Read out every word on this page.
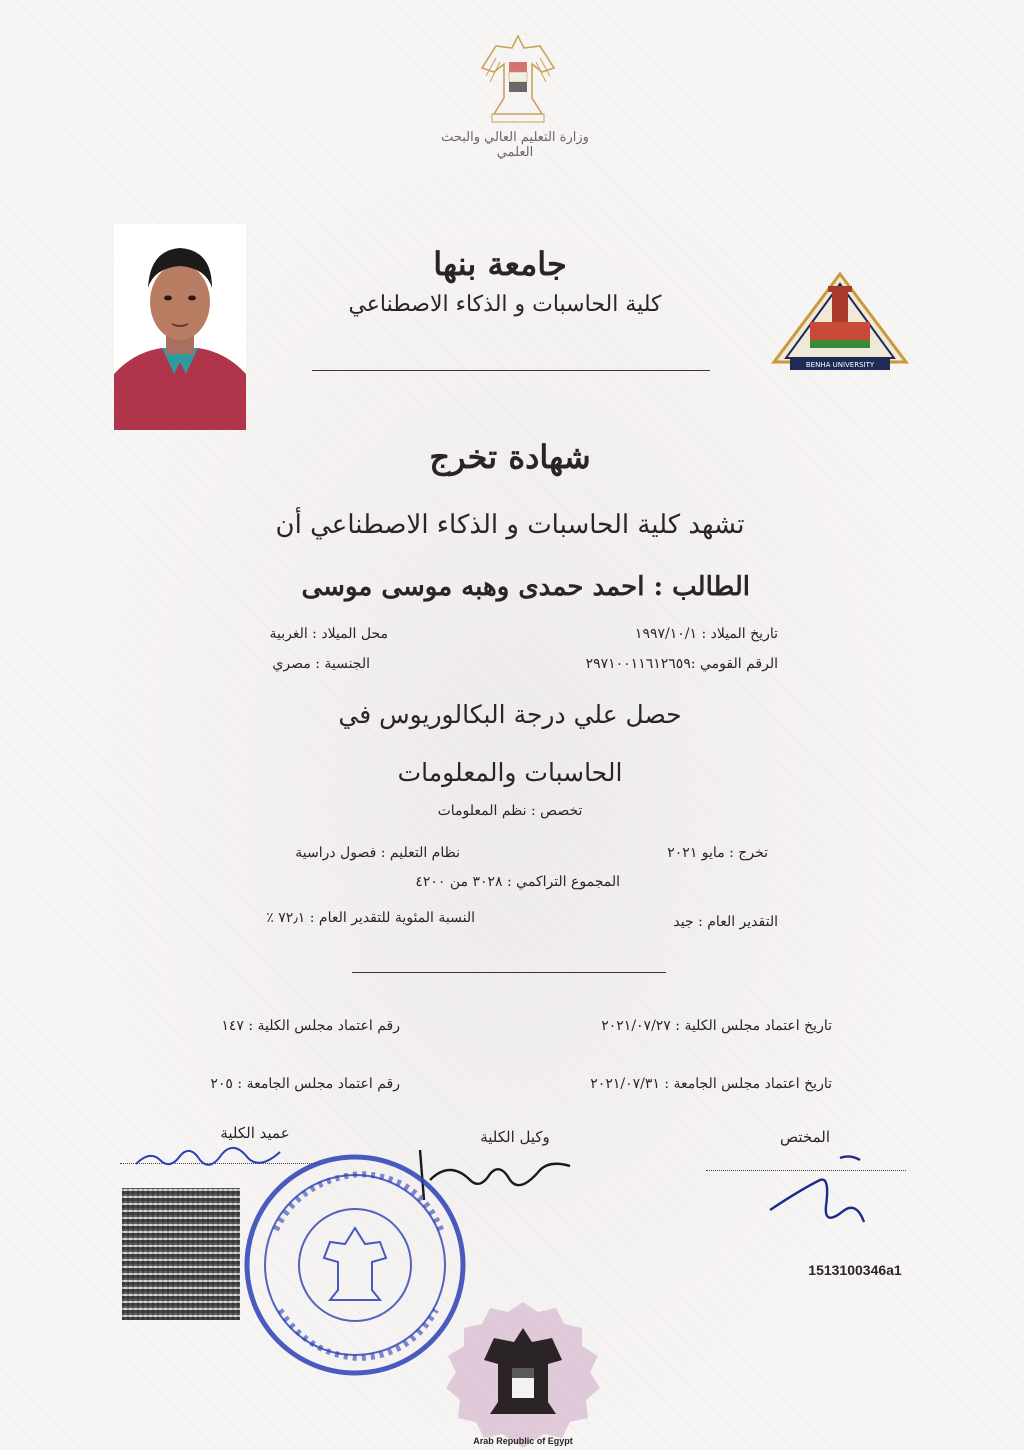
وزارة التعليم العالي والبحث العلمي
جامعة بنها
كلية الحاسبات و الذكاء الاصطناعي
BENHA UNIVERSITY
شهادة تخرج
تشهد كلية الحاسبات و الذكاء الاصطناعي أن
الطالب : احمد حمدى وهبه موسى موسى
تاريخ الميلاد : ١٩٩٧/١٠/١
محل الميلاد : الغربية
الرقم القومي :٢٩٧١٠٠١١٦١٢٦٥٩
الجنسية : مصري
حصل علي درجة البكالوريوس في
الحاسبات والمعلومات
تخصص : نظم المعلومات
تخرج : مايو ٢٠٢١
نظام التعليم : فصول دراسية
المجموع التراكمي : ٣٠٢٨ من ٤٢٠٠
التقدير العام : جيد
النسبة المئوية للتقدير العام : ٧٢٫١ ٪
تاريخ اعتماد مجلس الكلية : ٢٠٢١/٠٧/٢٧
رقم اعتماد مجلس الكلية : ١٤٧
تاريخ اعتماد مجلس الجامعة : ٢٠٢١/٠٧/٣١
رقم اعتماد مجلس الجامعة : ٢٠٥
عميد الكلية	وكيل الكلية	المختص
Arab Republic of Egypt
1513100346a1
